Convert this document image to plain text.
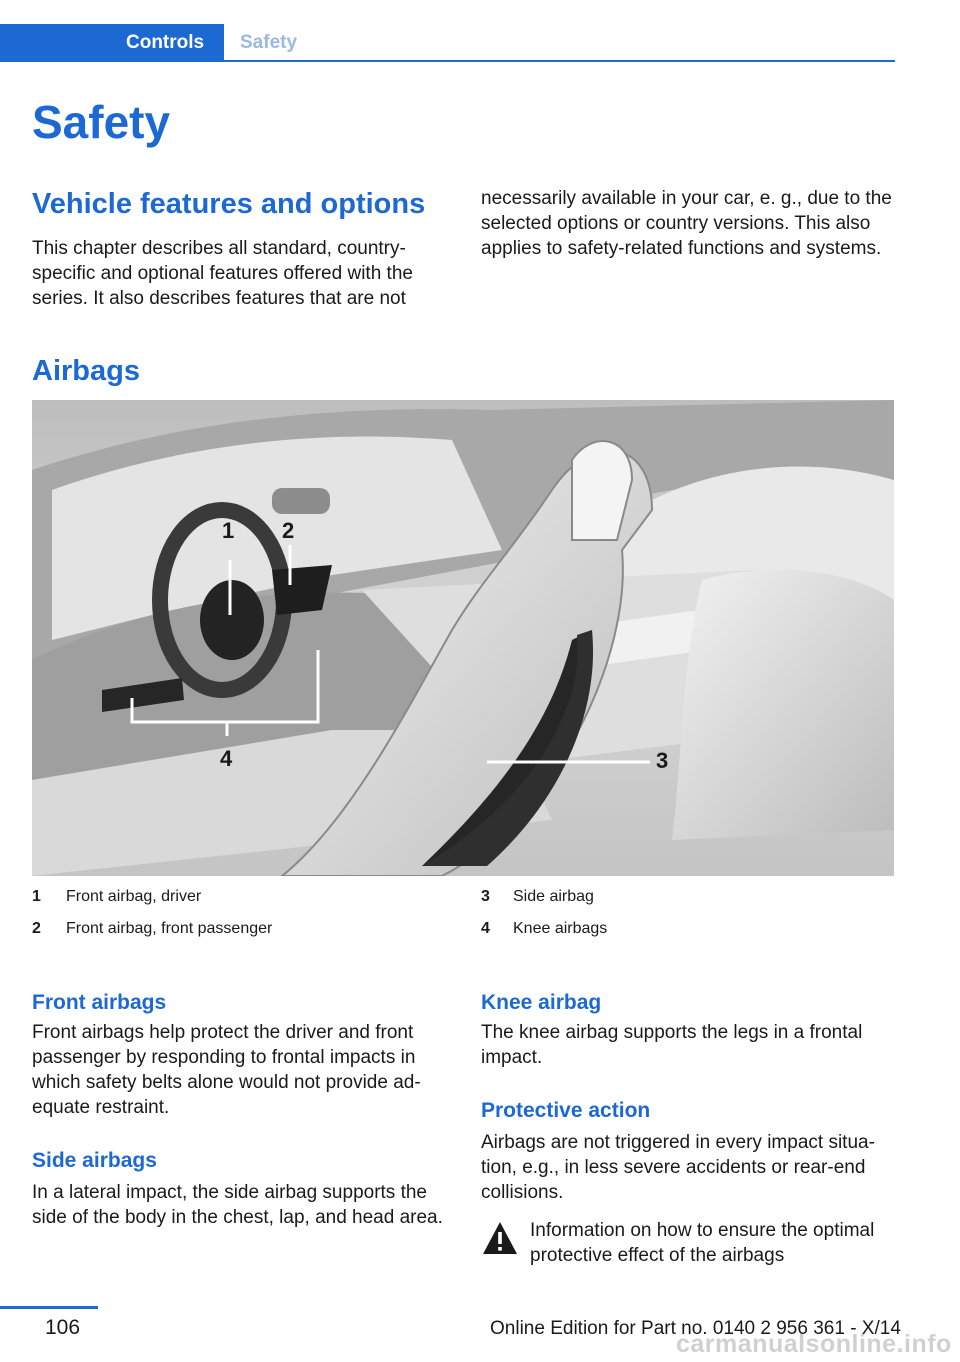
Controls	Safety
Safety
Vehicle features and options

This chapter describes all standard, country-specific and optional features offered with the series. It also describes features that are not

necessarily available in your car, e. g., due to the selected options or country versions. This also applies to safety-related functions and systems.

Airbags
1 2
3
4
1 Front airbag, driver
2 Front airbag, front passenger
3 Side airbag
4 Knee airbags
Front airbags

Front airbags help protect the driver and front passenger by responding to frontal impacts in which safety belts alone would not provide ad-equate restraint.

Side airbags

In a lateral impact, the side airbag supports the side of the body in the chest, lap, and head area.

Knee airbag

The knee airbag supports the legs in a frontal impact.

Protective action

Airbags are not triggered in every impact situa-tion, e.g., in less severe accidents or rear-end collisions.

Information on how to ensure the optimal protective effect of the airbags

106	Online Edition for Part no. 0140 2 956 361 - X/14
carmanualsonline.info
